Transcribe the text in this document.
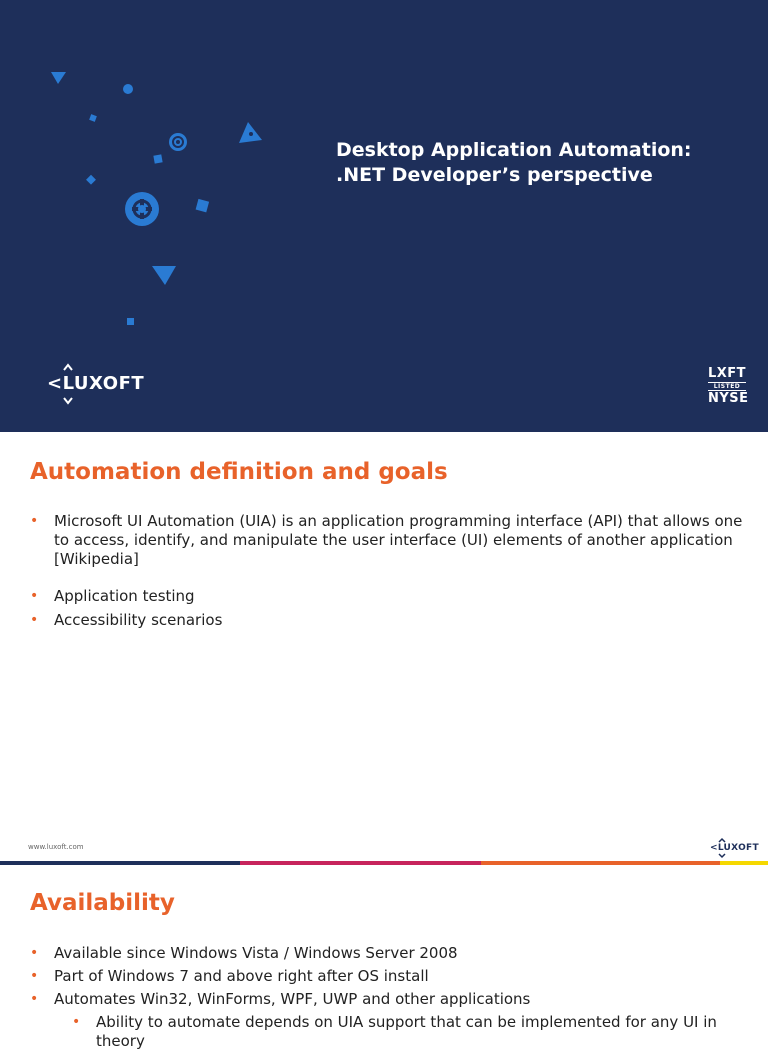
Desktop Application Automation:
.NET Developer’s perspective
<LUXOFT	LXFT
LISTED
NYSE
Automation definition and goals
• Microsoft UI Automation (UIA) is an application programming interface (API) that allows one to access, identify, and manipulate the user interface (UI) elements of another application [Wikipedia]
• Application testing
• Accessibility scenarios
www.luxoft.com	<LUXOFT
Availability
• Available since Windows Vista / Windows Server 2008
• Part of Windows 7 and above right after OS install
• Automates Win32, WinForms, WPF, UWP and other applications
• Ability to automate depends on UIA support that can be implemented for any UI in theory
